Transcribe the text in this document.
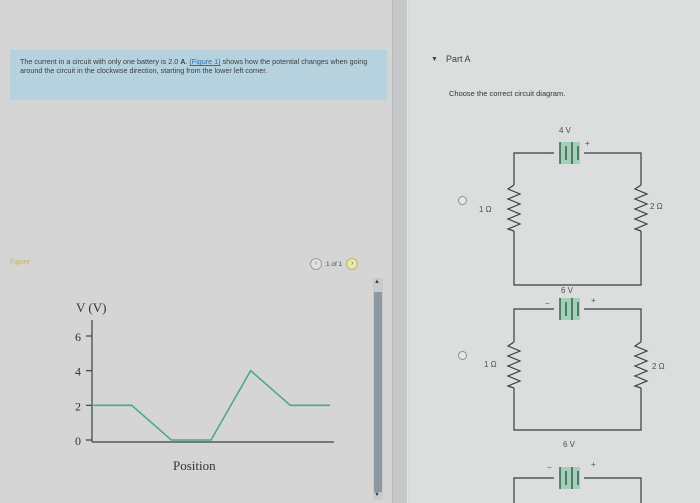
The current in a circuit with only one battery is 2.0 A. (Figure 1) shows how the potential changes when going around the circuit in the clockwise direction, starting from the lower left corner.

Figure	‹	1 of 1	›
V (V)
Position
6
4
2
0
▲
▼
▼ Part A
Choose the correct circuit diagram.
4 V
−
+
1 Ω	2 Ω
6 V
−	+
1 Ω	2 Ω
6 V
−	+
